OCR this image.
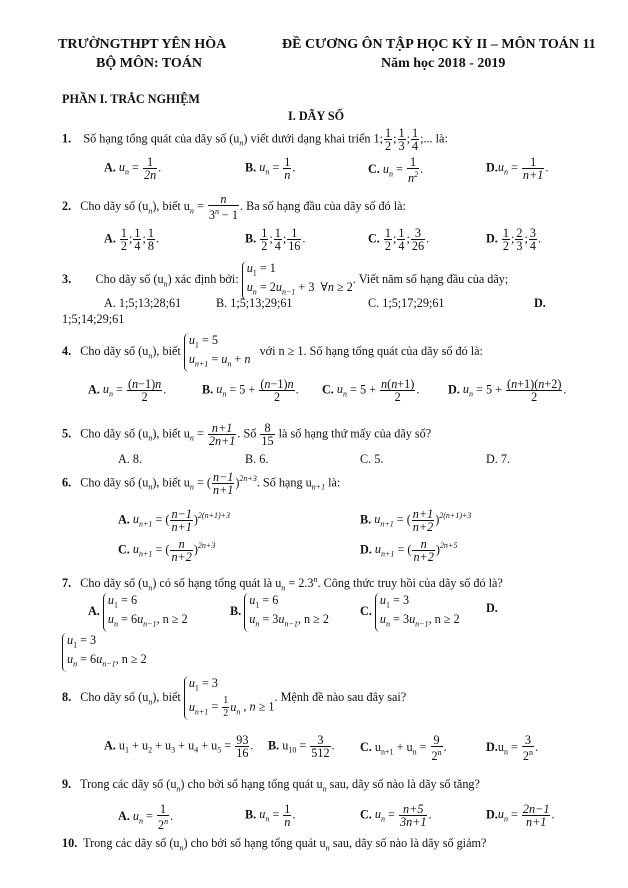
TRƯỜNGTHPT YÊN HÒA	ĐỀ CƯƠNG ÔN TẬP HỌC KỲ II – MÔN TOÁN 11
BỘ MÔN: TOÁN	Năm học 2018 - 2019
PHẦN I. TRẮC NGHIỆM
I. DÃY SỐ
1. Số hạng tổng quát của dãy số $(u_n)$ viết dưới dạng khai triển 1; $\frac{1}{2}$ ; $\frac{1}{3}$ ; $\frac{1}{4}$ ;... là:
A. $u_n = \frac{1}{2n}$ .	B. $u_n = \frac{1}{n}$ .	C. $u_n = \frac{1}{n^2}$ .	$D.u_n = \frac{1}{n+1}$ .
2. Cho dãy số $(u_n)$, biết $u_n = \frac{n}{3^n - 1}$ . Ba số hạng đầu của dãy số đó là:
A. $\frac{1}{2}$ ; $\frac{1}{4}$ ; $\frac{1}{8}$ .	B. $\frac{1}{2}$ ; $\frac{1}{4}$ ; $\frac{1}{16}$ .	C. $\frac{1}{2}$ ; $\frac{1}{4}$ ; $\frac{3}{26}$ .	D. $\frac{1}{2}$ ; $\frac{2}{3}$ ; $\frac{3}{4}$ .
3. Cho dãy số $(u_n)$ xác định bởi: $u_1 = 1$
$u_n = 2u_{n-1} + 3$  ∀n ≥ 2. Viết năm số hạng đầu của dãy;
A. 1;5;13;28;61	B. 1;5;13;29;61	C. 1;5;17;29;61	D.
1;5;14;29;61
4. Cho dãy số $(u_n)$, biết $u_1 = 5$
$u_{n+1} = u_n + n$   với n ≥ 1. Số hạng tổng quát của dãy số đó là:
A. $u_n = \frac{(n-1)n}{2}$ .	B. $u_n = 5 + \frac{(n-1)n}{2}$ . C. $u_n = 5 + \frac{n(n+1)}{2}$ . D. $u_n = 5 + \frac{(n+1)(n+2)}{2}$ .
5. Cho dãy số $(u_n)$, biết $u_n = \frac{n+1}{2n+1}$ . Số $\frac{8}{15}$ là số hạng thứ mấy của dãy số?
A. 8.	B. 6.	C. 5.	D. 7.
6. Cho dãy số $(u_n)$, biết $u_n$ = ( $\frac{n-1}{n+1} )^{2n+3}$. Số hạng $u_{n+1}$ là:
A. $u_{n+1}$ = ( $\frac{n-1}{n+1} )^{2(n+1)+3}$	B. $u_{n+1}$ = ( $\frac{n+1}{n+2} )^{2(n+1)+3}$
C. $u_{n+1}$ = ( $\frac{n}{n+2} )^{2n+3}$	D. $u_{n+1}$ = ( $\frac{n}{n+2} )^{2n+5}$
7. Cho dãy số $(u_n)$ có số hạng tổng quát là $u_n = 2.3^n$. Công thức truy hồi của dãy số đó là?
A. $u_1 = 6$
$u_n = 6u_{n-1}$, n ≥ 2
B. $u_1 = 6$
$u_n = 3u_{n-1}$, n ≥ 2
C. $u_1 = 3$
$u_n = 3u_{n-1}$, n ≥ 2
D.
$u_1 = 3$
$u_n = 6u_{n-1}$, n ≥ 2
8. Cho dãy số $(u_n)$, biết $u_1 = 3$
$u_{n+1} = \frac{1}{2} u_n$ , n ≥ 1. Mệnh đề nào sau đây sai?
A. $u_1 + u_2 + u_3 + u_4 + u_5 = \frac{93}{16}$ . B. $u_{10} = \frac{3}{512}$ . C. $u_{n+1} + u_n = \frac{9}{2^n}$ .	$D.u_n = \frac{3}{2^n}$ .
9. Trong các dãy số $(u_n)$ cho bởi số hạng tổng quát $u_n$ sau, dãy số nào là dãy số tăng?
A. $u_n = \frac{1}{2^n}$ .	B. $u_n = \frac{1}{n}$ .	C. $u_n = \frac{n+5}{3n+1}$ .	$D.u_n = \frac{2n-1}{n+1}$ .
10. Trong các dãy số $(u_n)$ cho bởi số hạng tổng quát $u_n$ sau, dãy số nào là dãy số giảm?
